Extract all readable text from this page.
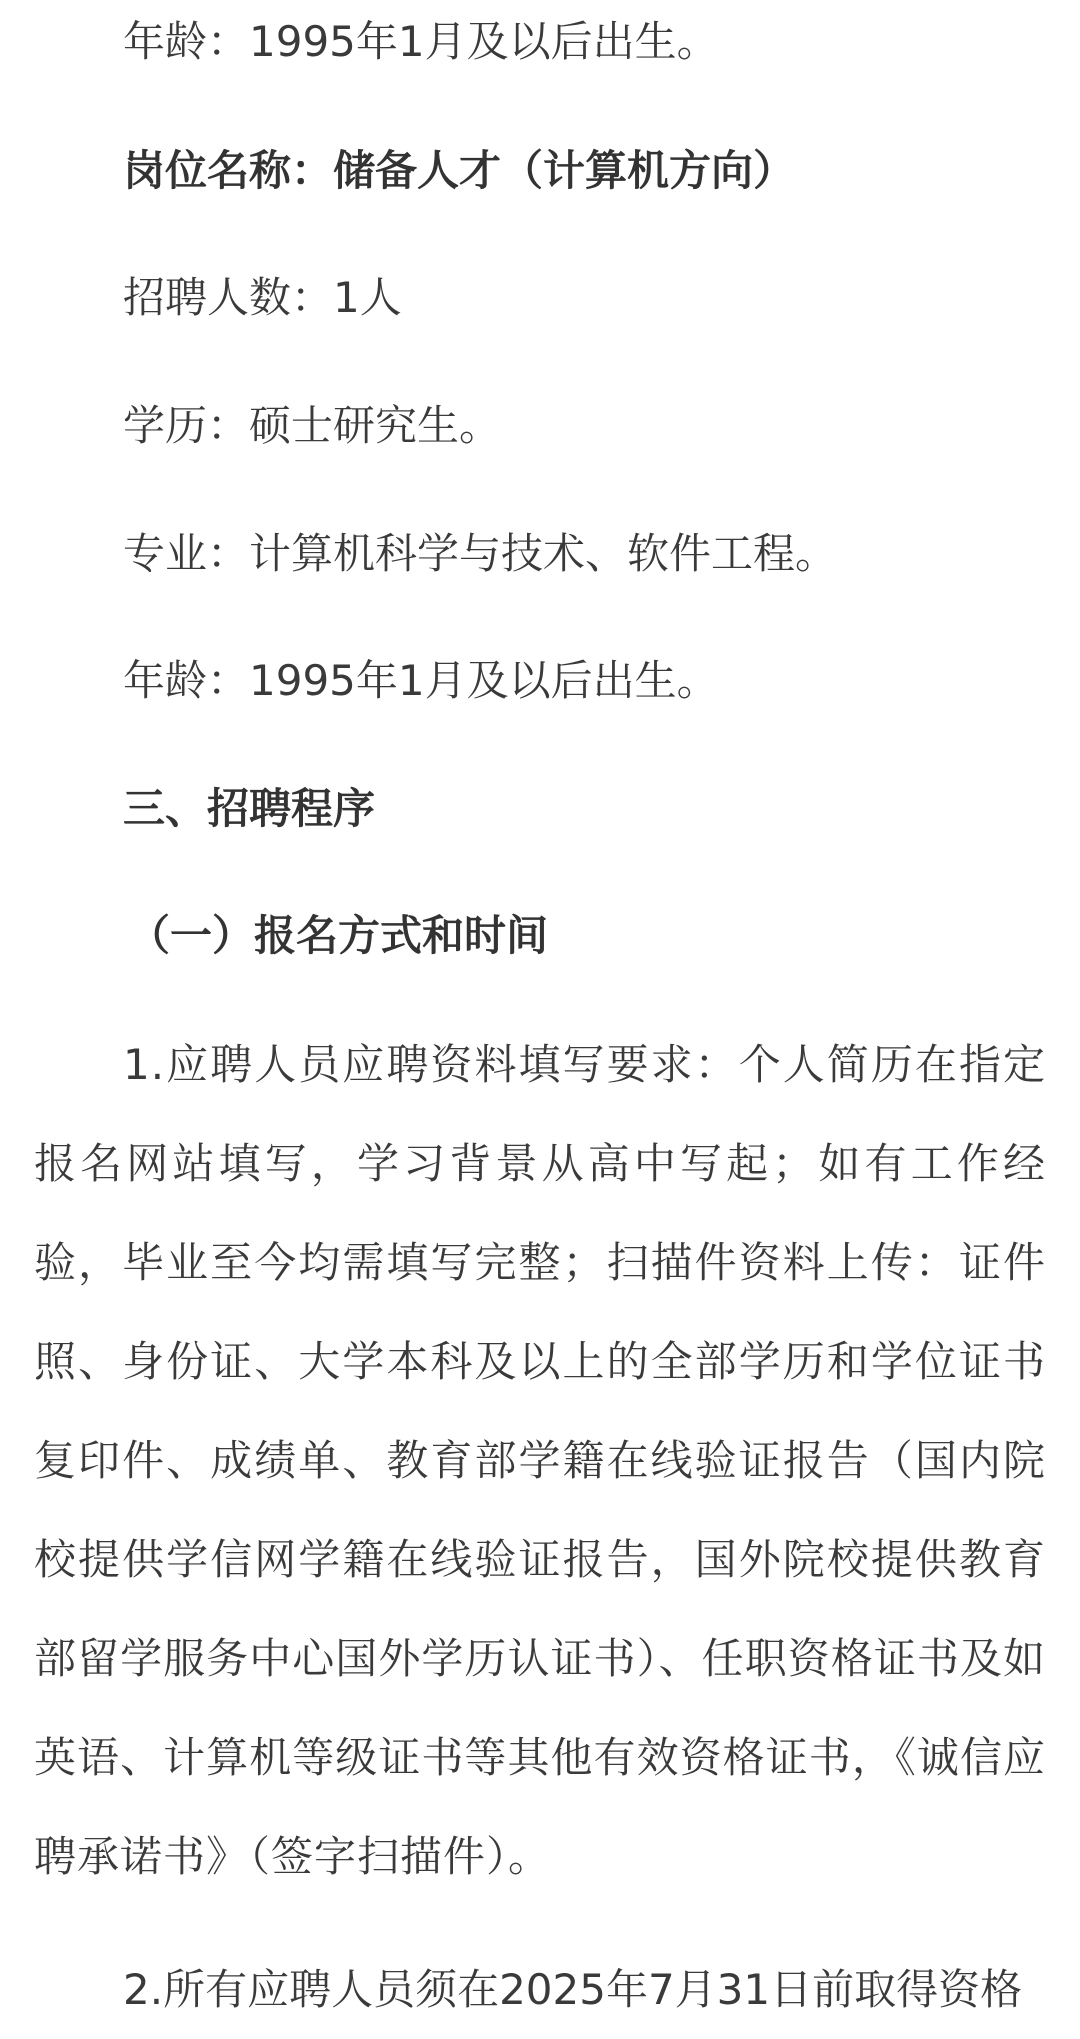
年龄：1995年1月及以后出生。
岗位名称：储备人才（计算机方向）
招聘人数：1人
学历：硕士研究生。
专业：计算机科学与技术、软件工程。
年龄：1995年1月及以后出生。
三、招聘程序
（一）报名方式和时间
1.应聘人员应聘资料填写要求：个人简历在指定报名网站填写，学习背景从高中写起；如有工作经验，毕业至今均需填写完整；扫描件资料上传：证件照、身份证、大学本科及以上的全部学历和学位证书复印件、成绩单、教育部学籍在线验证报告（国内院校提供学信网学籍在线验证报告，国外院校提供教育部留学服务中心国外学历认证书）、任职资格证书及如英语、计算机等级证书等其他有效资格证书，《诚信应聘承诺书》（签字扫描件）。
2.所有应聘人员须在2025年7月31日前取得资格
